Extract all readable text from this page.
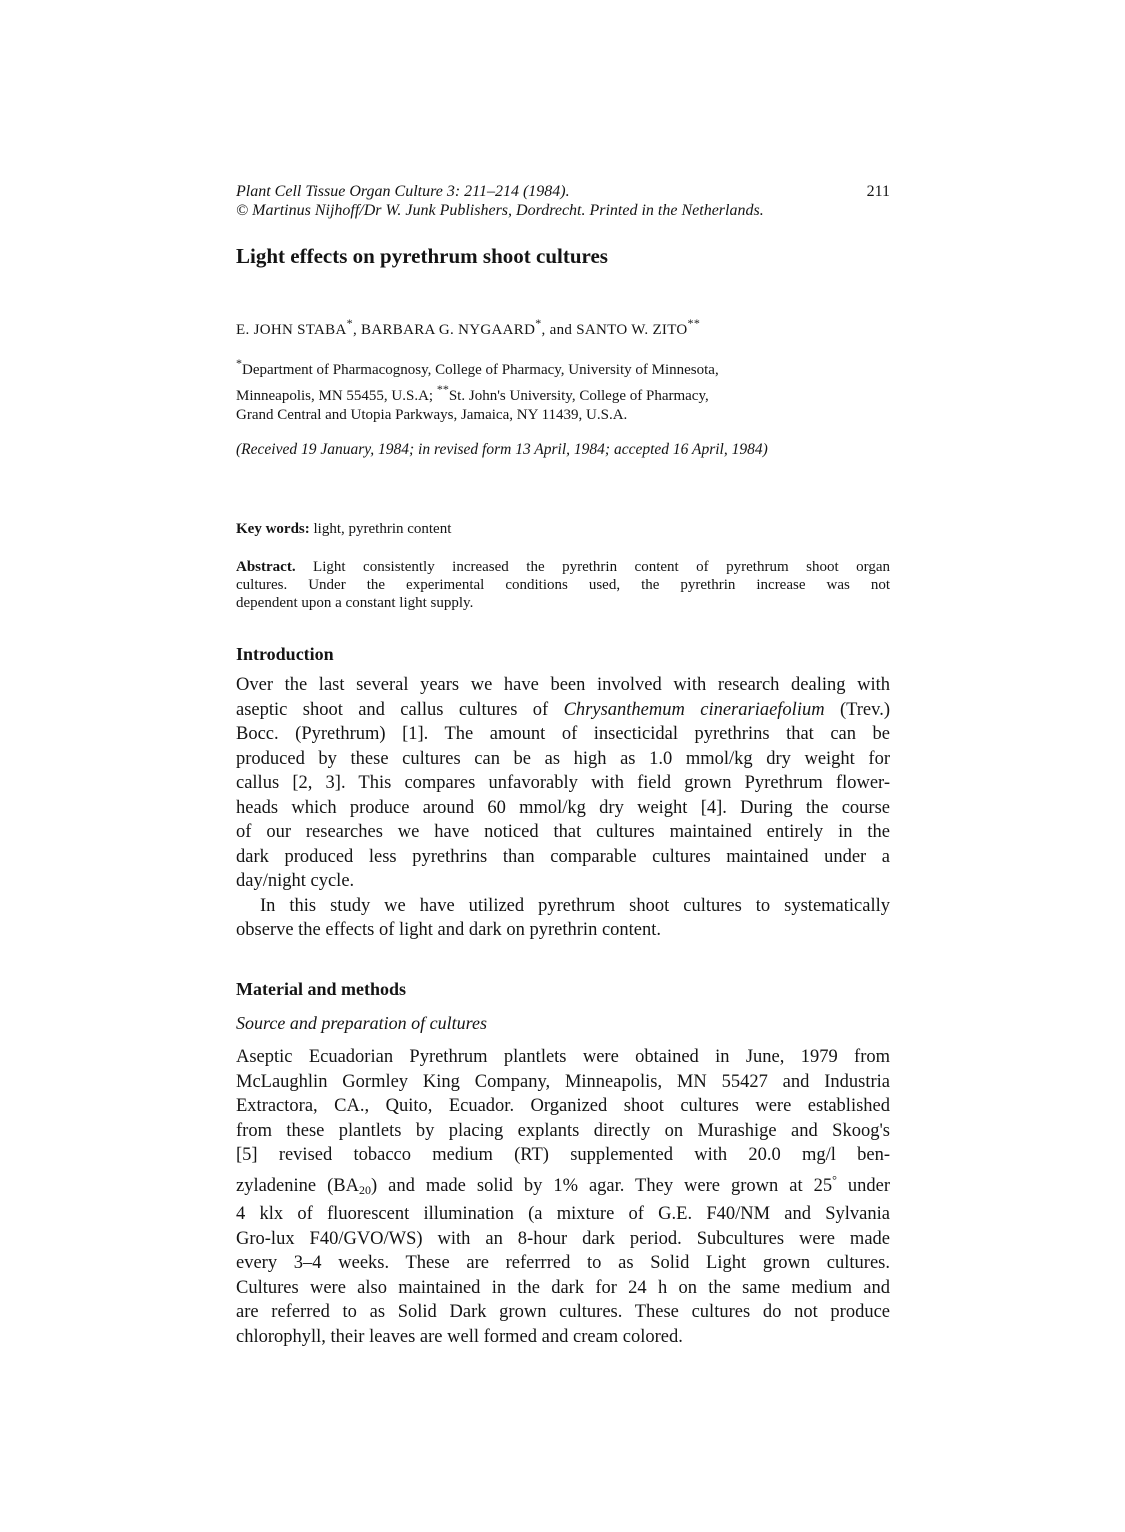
Plant Cell Tissue Organ Culture 3: 211–214 (1984).
© Martinus Nijhoff/Dr W. Junk Publishers, Dordrecht. Printed in the Netherlands.
211
Light effects on pyrethrum shoot cultures
E. JOHN STABA*, BARBARA G. NYGAARD*, and SANTO W. ZITO**
*Department of Pharmacognosy, College of Pharmacy, University of Minnesota,
Minneapolis, MN 55455, U.S.A; **St. John's University, College of Pharmacy,
Grand Central and Utopia Parkways, Jamaica, NY 11439, U.S.A.
(Received 19 January, 1984; in revised form 13 April, 1984; accepted 16 April, 1984)
Key words: light, pyrethrin content
Abstract. Light consistently increased the pyrethrin content of pyrethrum shoot organ
cultures. Under the experimental conditions used, the pyrethrin increase was not
dependent upon a constant light supply.
Introduction
Over the last several years we have been involved with research dealing with
aseptic shoot and callus cultures of Chrysanthemum cinerariaefolium (Trev.)
Bocc. (Pyrethrum) [1]. The amount of insecticidal pyrethrins that can be
produced by these cultures can be as high as 1.0 mmol/kg dry weight for
callus [2, 3]. This compares unfavorably with field grown Pyrethrum flower-
heads which produce around 60 mmol/kg dry weight [4]. During the course
of our researches we have noticed that cultures maintained entirely in the
dark produced less pyrethrins than comparable cultures maintained under a
day/night cycle.
In this study we have utilized pyrethrum shoot cultures to systematically
observe the effects of light and dark on pyrethrin content.
Material and methods
Source and preparation of cultures
Aseptic Ecuadorian Pyrethrum plantlets were obtained in June, 1979 from
McLaughlin Gormley King Company, Minneapolis, MN 55427 and Industria
Extractora, CA., Quito, Ecuador. Organized shoot cultures were established
from these plantlets by placing explants directly on Murashige and Skoog's
[5] revised tobacco medium (RT) supplemented with 20.0 mg/l ben-
zyladenine $(BA_{20})$ and made solid by 1% agar. They were grown at 25° under
4 klx of fluorescent illumination (a mixture of G.E. F40/NM and Sylvania
Gro-lux F40/GVO/WS) with an 8-hour dark period. Subcultures were made
every 3–4 weeks. These are referrred to as Solid Light grown cultures.
Cultures were also maintained in the dark for 24 h on the same medium and
are referred to as Solid Dark grown cultures. These cultures do not produce
chlorophyll, their leaves are well formed and cream colored.
